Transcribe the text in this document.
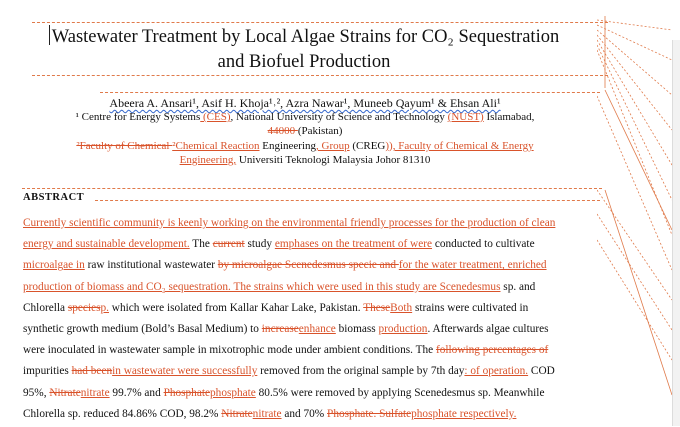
Wastewater Treatment by Local Algae Strains for CO₂ Sequestration
and Biofuel Production
Abeera A. Ansari¹, Asif H. Khoja¹˒², Azra Nawar¹, Muneeb Qayum¹ & Ehsan Ali¹
¹ Centre for Energy Systems (CES), National University of Science and Technology (NUST) Islamabad,
44000 (Pakistan)
²Faculty of Chemical ²Chemical Reaction Engineering, Group (CREG)), Faculty of Chemical & Energy
Engineering, Universiti Teknologi Malaysia Johor 81310
ABSTRACT
Currently scientific community is keenly working on the environmental friendly processes for the production of clean
energy and sustainable development. The current study emphases on the treatment of were conducted to cultivate
microalgae in raw institutional wastewater by microalgae Scenedesmus specie and for the water treatment, enriched
production of biomass and CO₂ sequestration. The strains which were used in this study are Scenedesmus sp. and
Chlorella speciesp. which were isolated from Kallar Kahar Lake, Pakistan. TheseBoth strains were cultivated in
synthetic growth medium (Bold’s Basal Medium) to increaseenhance biomass production. Afterwards algae cultures
were inoculated in wastewater sample in mixotrophic mode under ambient conditions. The following percentages of
impurities had beenin wastewater were successfully removed from the original sample by 7th day: of operation. COD
95%, Nitratenitrate 99.7% and Phosphatephosphate 80.5% were removed by applying Scenedesmus sp. Meanwhile
Chlorella sp. reduced 84.86% COD, 98.2% Nitratenitrate and 70% Phosphate. Sulfatephosphate respectively.
